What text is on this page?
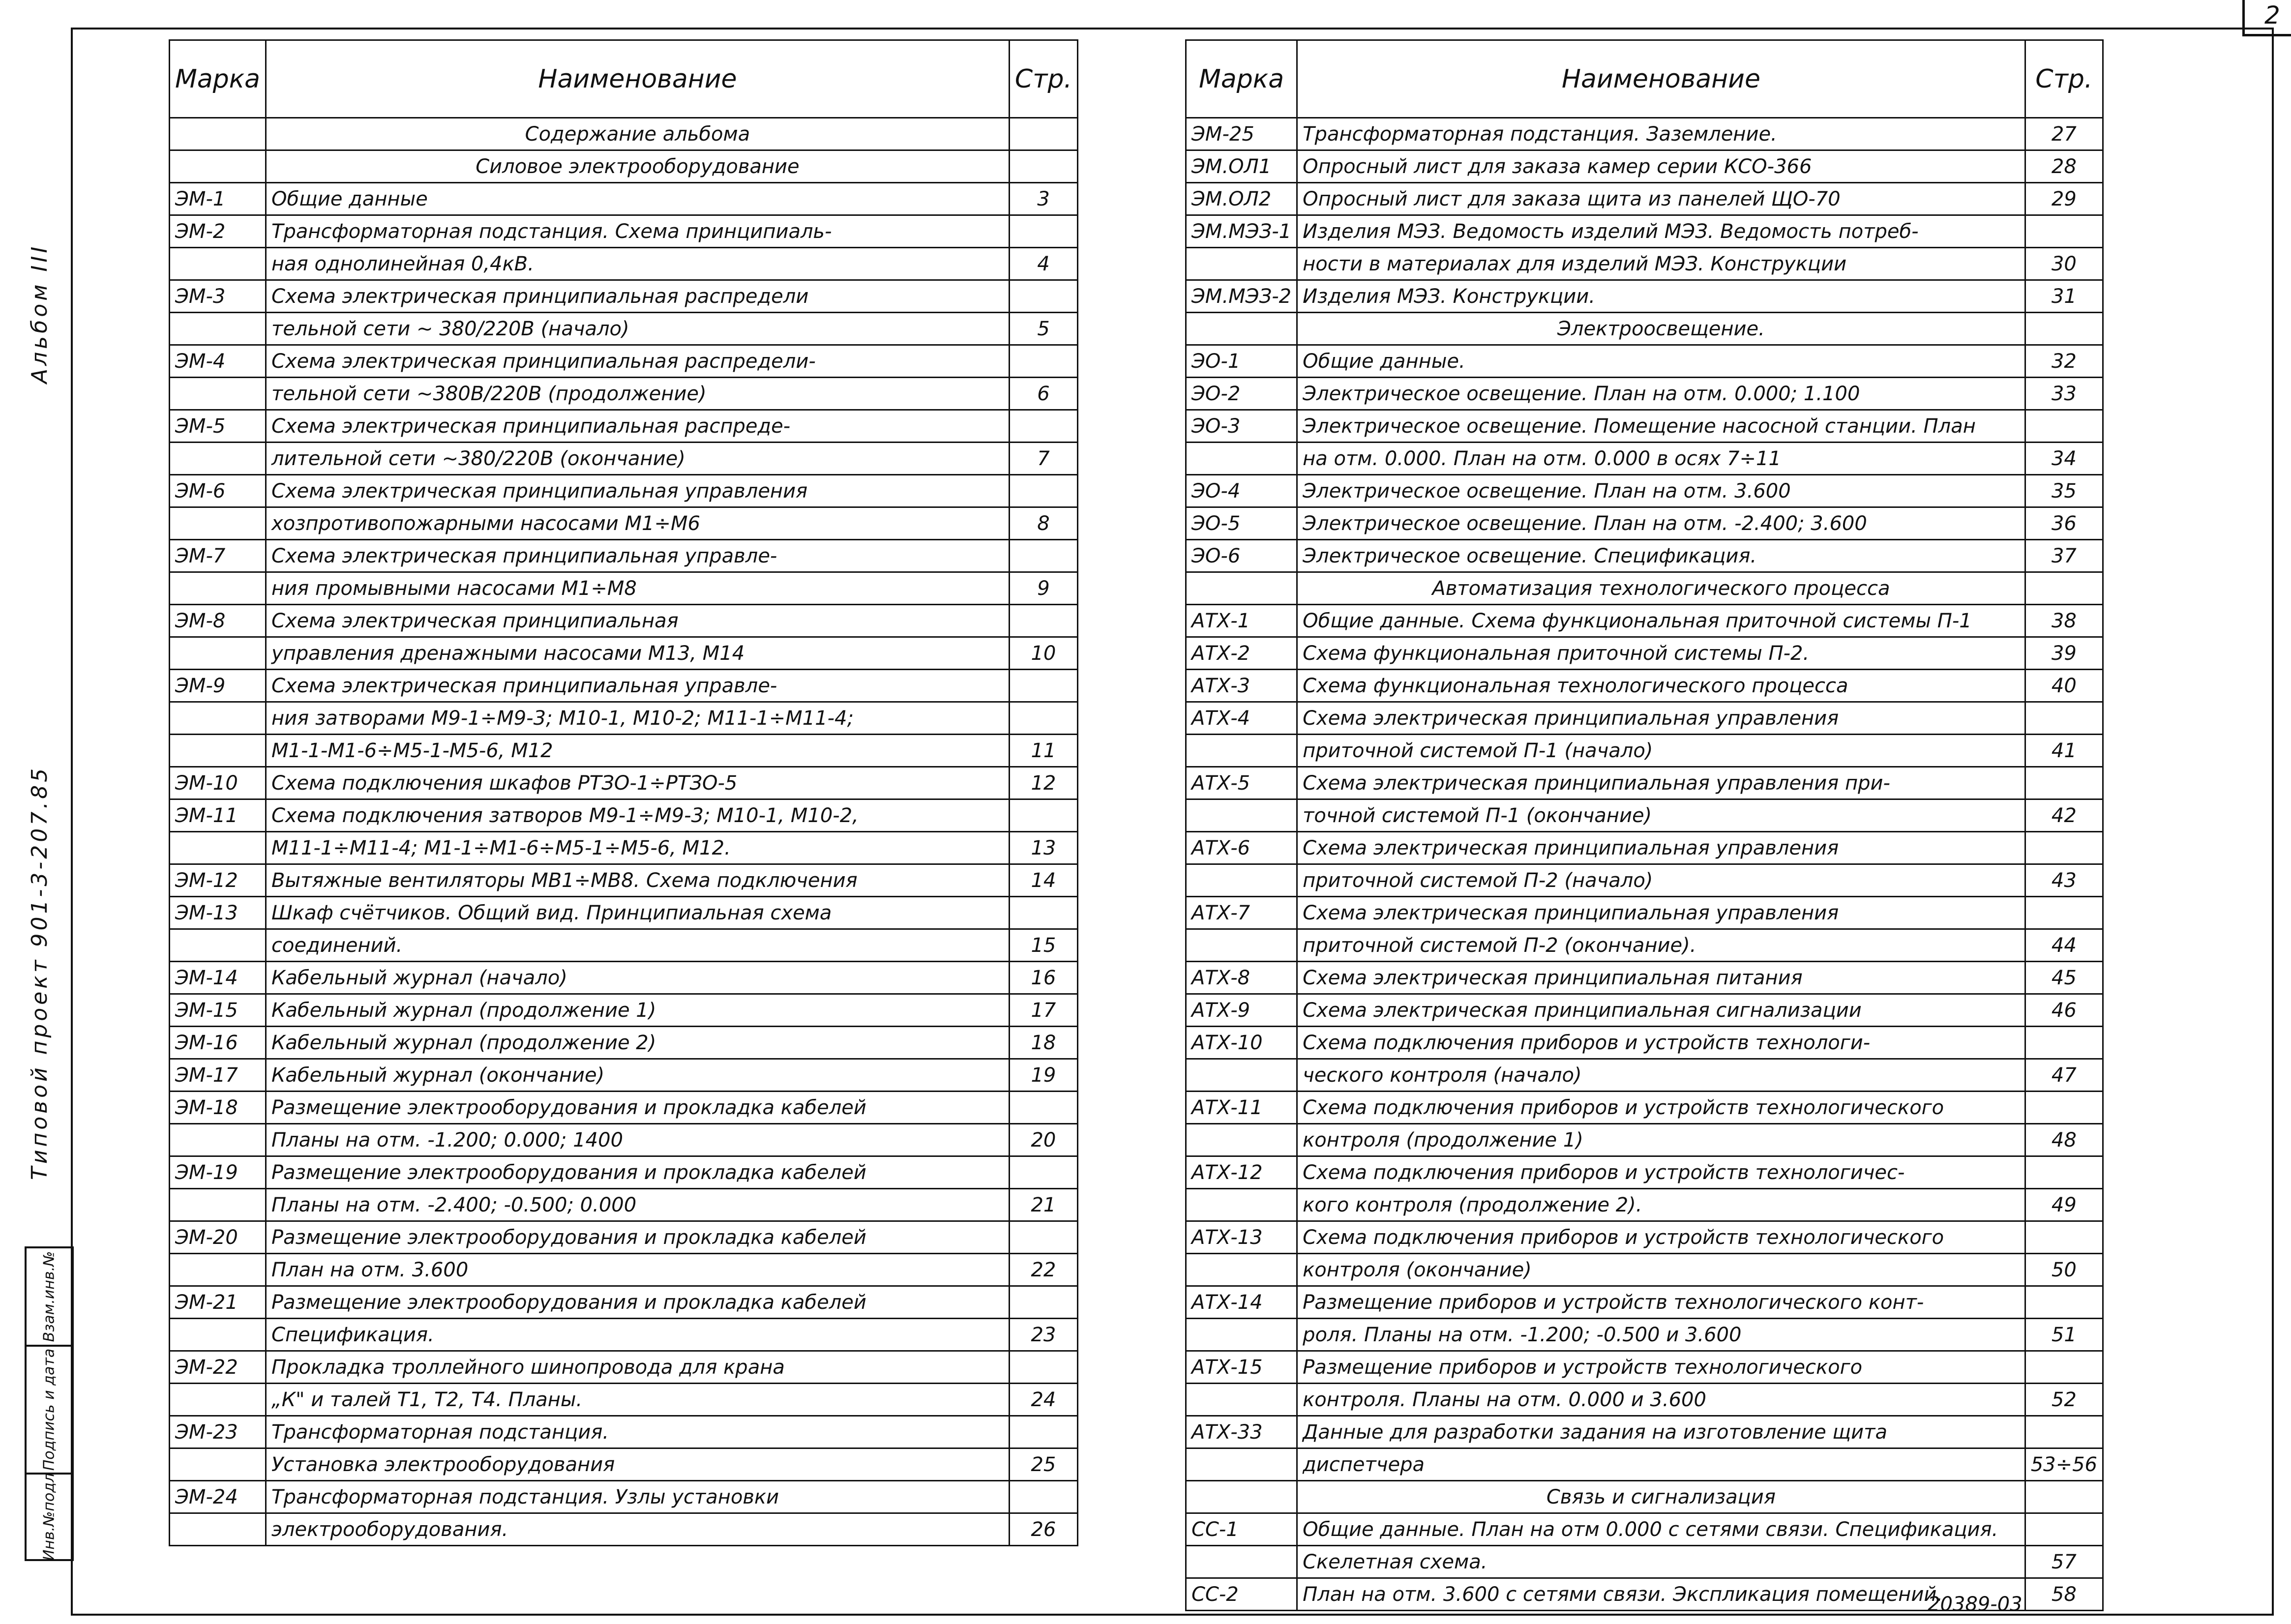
2
Типовой проект 901-3-207.85
Альбом III
Взам.инв.№
Подпись и дата
Инв.№подл
Марка	Наименование	Стр.
	Содержание альбома	
	Силовое электрооборудование	
ЭМ-1	Общие данные	3
ЭМ-2	Трансформаторная подстанция. Схема принципиаль-	
	ная однолинейная 0,4кВ.	4
ЭМ-3	Схема электрическая принципиальная распредели	
	тельной сети ~ 380/220В (начало)	5
ЭМ-4	Схема электрическая принципиальная распредели-	
	тельной сети ~380В/220В (продолжение)	6
ЭМ-5	Схема электрическая принципиальная распреде-	
	лительной сети ~380/220В (окончание)	7
ЭМ-6	Схема электрическая принципиальная управления	
	хозпротивопожарными насосами М1÷М6	8
ЭМ-7	Схема электрическая принципиальная управле-	
	ния промывными насосами М1÷М8	9
ЭМ-8	Схема электрическая принципиальная	
	управления дренажными насосами М13, М14	10
ЭМ-9	Схема электрическая принципиальная управле-	
	ния затворами М9-1÷М9-3; М10-1, М10-2; М11-1÷М11-4;	
	М1-1-М1-6÷М5-1-М5-6, М12	11
ЭМ-10	Схема подключения шкафов РТЗО-1÷РТЗО-5	12
ЭМ-11	Схема подключения затворов М9-1÷М9-3; М10-1, М10-2,	
	М11-1÷М11-4; М1-1÷М1-6÷М5-1÷М5-6, М12.	13
ЭМ-12	Вытяжные вентиляторы МВ1÷МВ8. Схема подключения	14
ЭМ-13	Шкаф счётчиков. Общий вид. Принципиальная схема	
	соединений.	15
ЭМ-14	Кабельный журнал (начало)	16
ЭМ-15	Кабельный журнал (продолжение 1)	17
ЭМ-16	Кабельный журнал (продолжение 2)	18
ЭМ-17	Кабельный журнал (окончание)	19
ЭМ-18	Размещение электрооборудования и прокладка кабелей	
	Планы на отм. -1.200; 0.000; 1400	20
ЭМ-19	Размещение электрооборудования и прокладка кабелей	
	Планы на отм. -2.400; -0.500; 0.000	21
ЭМ-20	Размещение электрооборудования и прокладка кабелей	
	План на отм. 3.600	22
ЭМ-21	Размещение электрооборудования и прокладка кабелей	
	Спецификация.	23
ЭМ-22	Прокладка троллейного шинопровода для крана	
	„К" и талей Т1, Т2, Т4. Планы.	24
ЭМ-23	Трансформаторная подстанция.	
	Установка электрооборудования	25
ЭМ-24	Трансформаторная подстанция. Узлы установки	
	электрооборудования.	26
Марка	Наименование	Стр.
ЭМ-25	Трансформаторная подстанция. Заземление.	27
ЭМ.ОЛ1	Опросный лист для заказа камер серии КСО-366	28
ЭМ.ОЛ2	Опросный лист для заказа щита из панелей ЩО-70	29
ЭМ.МЭЗ-1	Изделия МЭЗ. Ведомость изделий МЭЗ. Ведомость потреб-	
	ности в материалах для изделий МЭЗ. Конструкции	30
ЭМ.МЭЗ-2	Изделия МЭЗ. Конструкции.	31
	Электроосвещение.	
ЭО-1	Общие данные.	32
ЭО-2	Электрическое освещение. План на отм. 0.000; 1.100	33
ЭО-3	Электрическое освещение. Помещение насосной станции. План	
	на отм. 0.000. План на отм. 0.000 в осях 7÷11	34
ЭО-4	Электрическое освещение. План на отм. 3.600	35
ЭО-5	Электрическое освещение. План на отм. -2.400; 3.600	36
ЭО-6	Электрическое освещение. Спецификация.	37
	Автоматизация технологического процесса	
АТХ-1	Общие данные. Схема функциональная приточной системы П-1	38
АТХ-2	Схема функциональная приточной системы П-2.	39
АТХ-3	Схема функциональная технологического процесса	40
АТХ-4	Схема электрическая принципиальная управления	
	приточной системой П-1 (начало)	41
АТХ-5	Схема электрическая принципиальная управления при-	
	точной системой П-1 (окончание)	42
АТХ-6	Схема электрическая принципиальная управления	
	приточной системой П-2 (начало)	43
АТХ-7	Схема электрическая принципиальная управления	
	приточной системой П-2 (окончание).	44
АТХ-8	Схема электрическая принципиальная питания	45
АТХ-9	Схема электрическая принципиальная сигнализации	46
АТХ-10	Схема подключения приборов и устройств технологи-	
	ческого контроля (начало)	47
АТХ-11	Схема подключения приборов и устройств технологического	
	контроля (продолжение 1)	48
АТХ-12	Схема подключения приборов и устройств технологичес-	
	кого контроля (продолжение 2).	49
АТХ-13	Схема подключения приборов и устройств технологического	
	контроля (окончание)	50
АТХ-14	Размещение приборов и устройств технологического конт-	
	роля. Планы на отм. -1.200; -0.500 и 3.600	51
АТХ-15	Размещение приборов и устройств технологического	
	контроля. Планы на отм. 0.000 и 3.600	52
АТХ-33	Данные для разработки задания на изготовление щита	
	диспетчера	53÷56
	Связь и сигнализация	
СС-1	Общие данные. План на отм 0.000 с сетями связи. Спецификация.	
	Скелетная схема.	57
СС-2	План на отм. 3.600 с сетями связи. Экспликация помещений.	58
20389-03
